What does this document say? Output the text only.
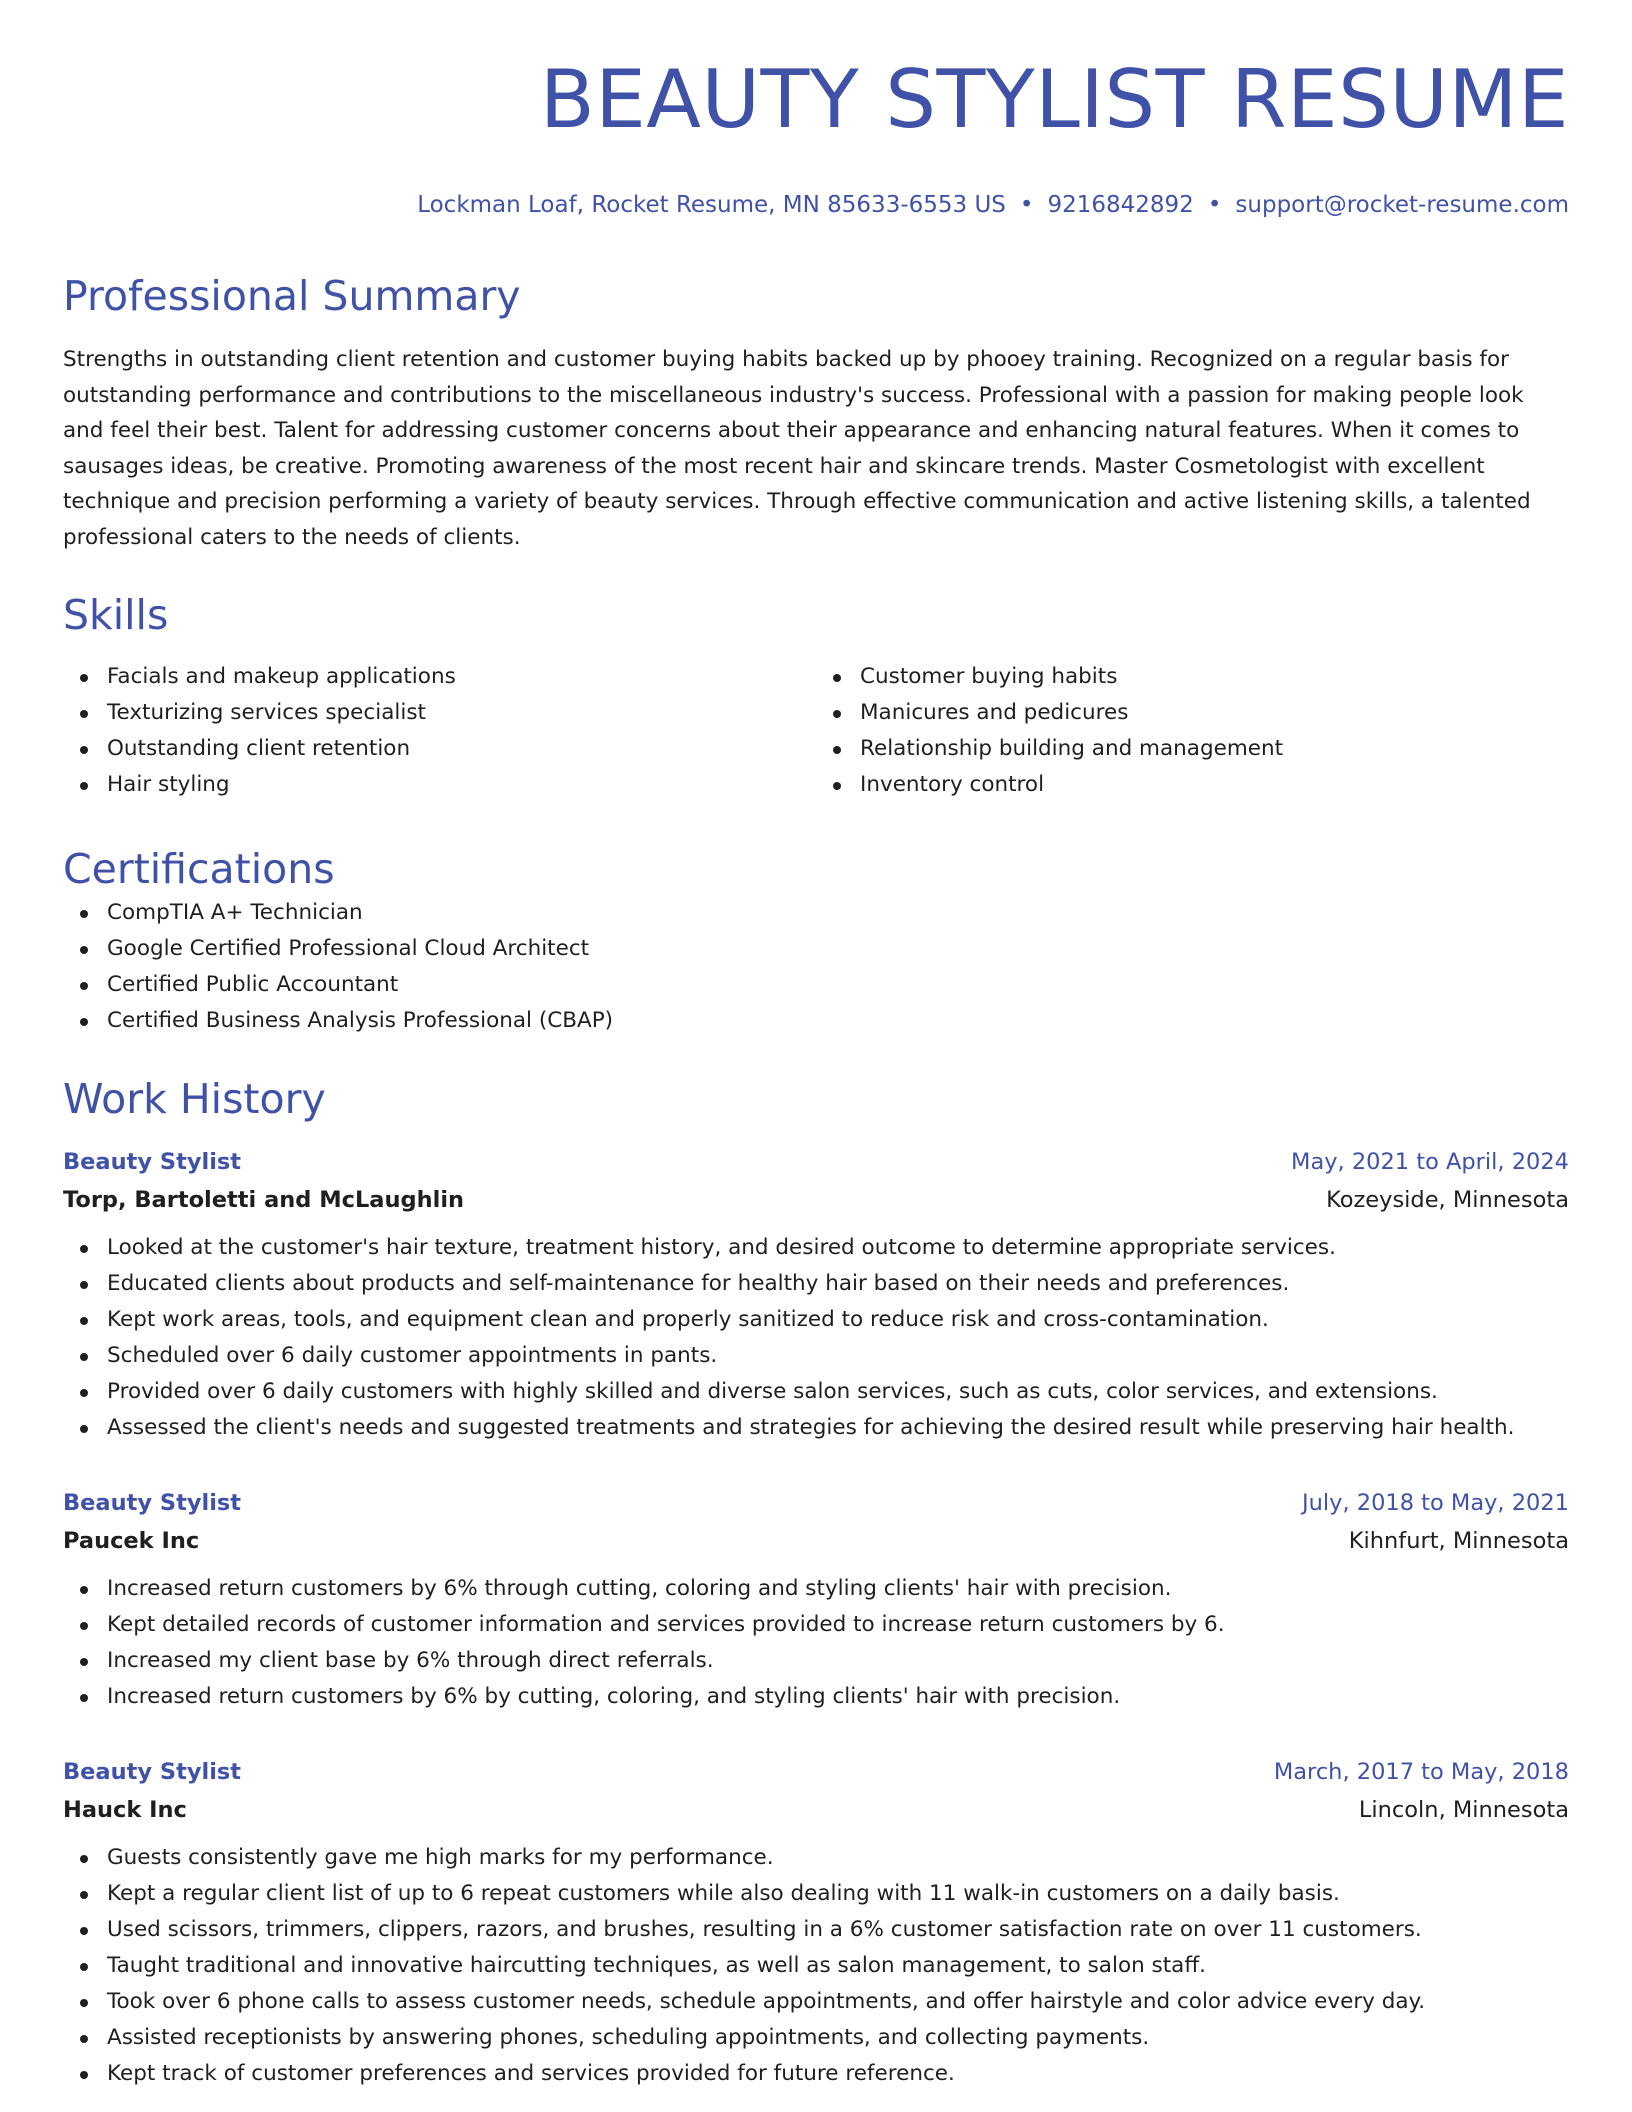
BEAUTY STYLIST RESUME
Lockman Loaf, Rocket Resume, MN 85633-6553 US • 9216842892 • support@rocket-resume.com
Professional Summary
Strengths in outstanding client retention and customer buying habits backed up by phooey training. Recognized on a regular basis for outstanding performance and contributions to the miscellaneous industry's success. Professional with a passion for making people look and feel their best. Talent for addressing customer concerns about their appearance and enhancing natural features. When it comes to sausages ideas, be creative. Promoting awareness of the most recent hair and skincare trends. Master Cosmetologist with excellent technique and precision performing a variety of beauty services. Through effective communication and active listening skills, a talented professional caters to the needs of clients.
Skills
Facials and makeup applications
Texturizing services specialist
Outstanding client retention
Hair styling
Customer buying habits
Manicures and pedicures
Relationship building and management
Inventory control
Certifications
CompTIA A+ Technician
Google Certified Professional Cloud Architect
Certified Public Accountant
Certified Business Analysis Professional (CBAP)
Work History
Beauty Stylist	May, 2021 to April, 2024
Torp, Bartoletti and McLaughlin	Kozeyside, Minnesota
Looked at the customer's hair texture, treatment history, and desired outcome to determine appropriate services.
Educated clients about products and self-maintenance for healthy hair based on their needs and preferences.
Kept work areas, tools, and equipment clean and properly sanitized to reduce risk and cross-contamination.
Scheduled over 6 daily customer appointments in pants.
Provided over 6 daily customers with highly skilled and diverse salon services, such as cuts, color services, and extensions.
Assessed the client's needs and suggested treatments and strategies for achieving the desired result while preserving hair health.
Beauty Stylist	July, 2018 to May, 2021
Paucek Inc	Kihnfurt, Minnesota
Increased return customers by 6% through cutting, coloring and styling clients' hair with precision.
Kept detailed records of customer information and services provided to increase return customers by 6.
Increased my client base by 6% through direct referrals.
Increased return customers by 6% by cutting, coloring, and styling clients' hair with precision.
Beauty Stylist	March, 2017 to May, 2018
Hauck Inc	Lincoln, Minnesota
Guests consistently gave me high marks for my performance.
Kept a regular client list of up to 6 repeat customers while also dealing with 11 walk-in customers on a daily basis.
Used scissors, trimmers, clippers, razors, and brushes, resulting in a 6% customer satisfaction rate on over 11 customers.
Taught traditional and innovative haircutting techniques, as well as salon management, to salon staff.
Took over 6 phone calls to assess customer needs, schedule appointments, and offer hairstyle and color advice every day.
Assisted receptionists by answering phones, scheduling appointments, and collecting payments.
Kept track of customer preferences and services provided for future reference.
